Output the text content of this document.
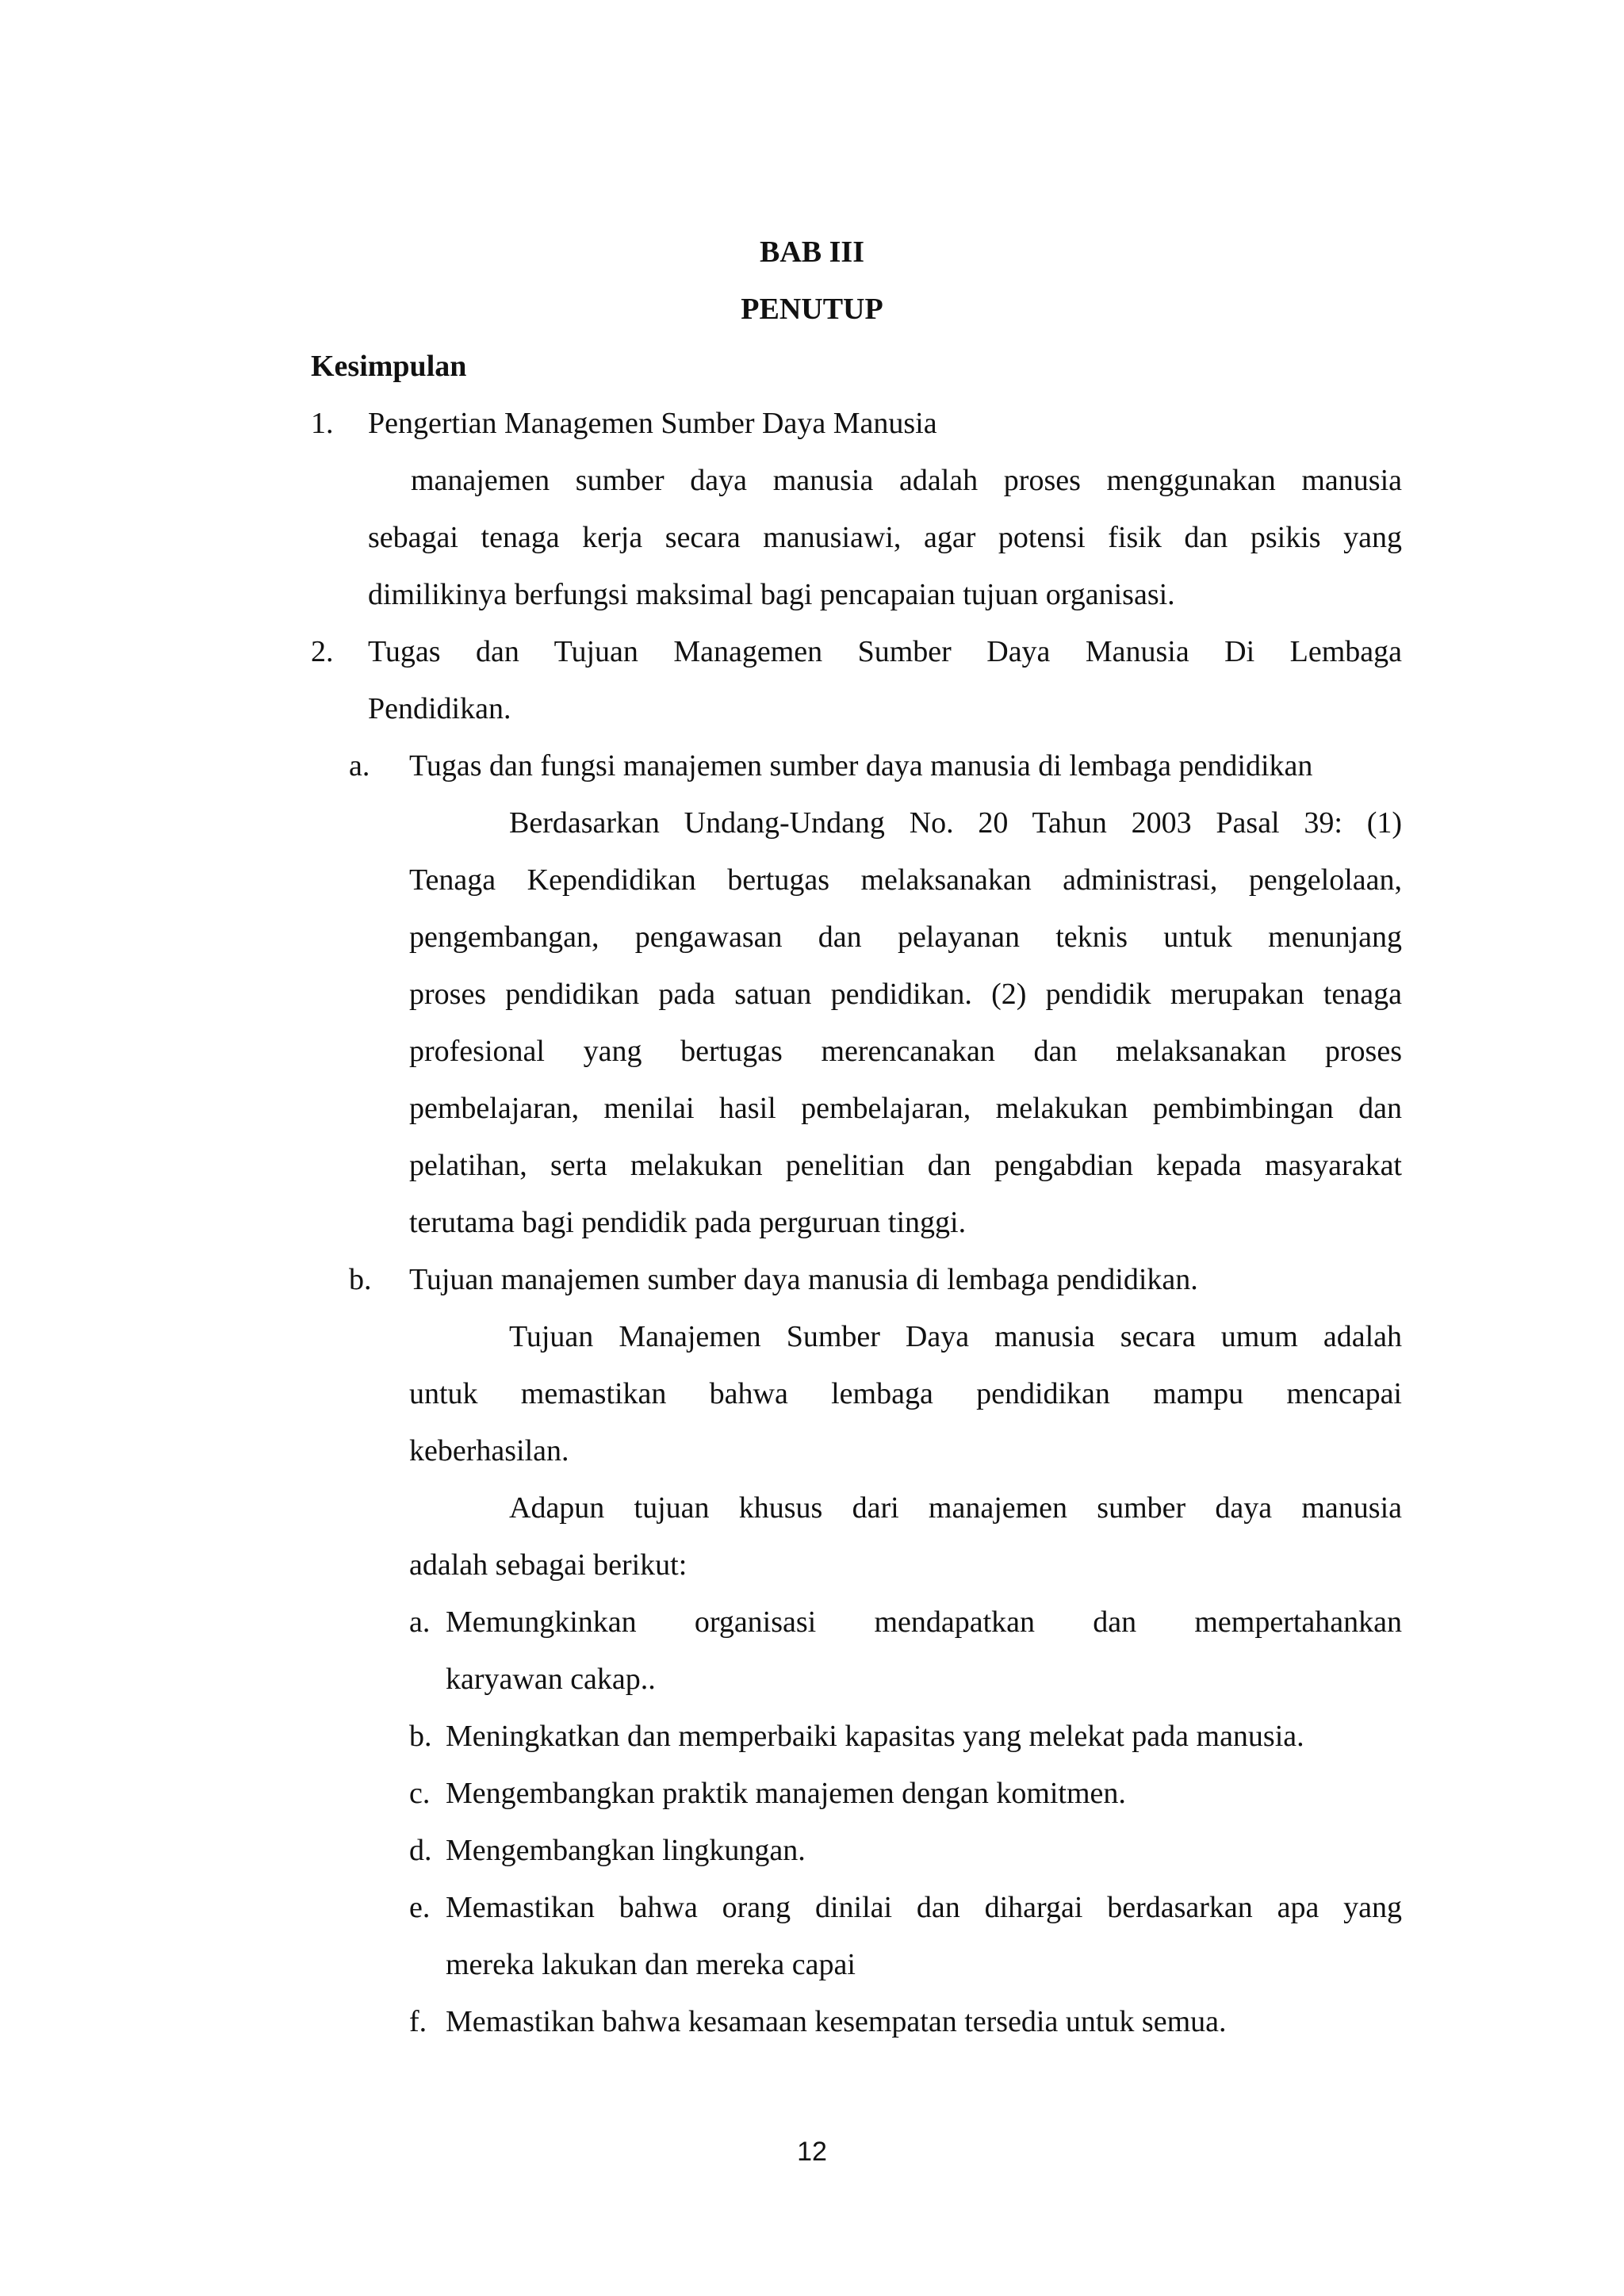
BAB III
PENUTUP
Kesimpulan
1. Pengertian Managemen Sumber Daya Manusia
manajemen sumber daya manusia adalah proses menggunakan manusia
sebagai tenaga kerja secara manusiawi, agar potensi fisik dan psikis yang
dimilikinya berfungsi maksimal bagi pencapaian tujuan organisasi.
2. Tugas dan Tujuan Managemen Sumber Daya Manusia Di Lembaga
Pendidikan.
a. Tugas dan fungsi manajemen sumber daya manusia di lembaga pendidikan
Berdasarkan Undang-Undang No. 20 Tahun 2003 Pasal 39: (1)
Tenaga Kependidikan bertugas melaksanakan administrasi, pengelolaan,
pengembangan, pengawasan dan pelayanan teknis untuk menunjang
proses pendidikan pada satuan pendidikan. (2) pendidik merupakan tenaga
profesional yang bertugas merencanakan dan melaksanakan proses
pembelajaran, menilai hasil pembelajaran, melakukan pembimbingan dan
pelatihan, serta melakukan penelitian dan pengabdian kepada masyarakat
terutama bagi pendidik pada perguruan tinggi.
b. Tujuan manajemen sumber daya manusia di lembaga pendidikan.
Tujuan Manajemen Sumber Daya manusia secara umum adalah
untuk memastikan bahwa lembaga pendidikan mampu mencapai
keberhasilan.
Adapun tujuan khusus dari manajemen sumber daya manusia
adalah sebagai berikut:
a. Memungkinkan organisasi mendapatkan dan mempertahankan
karyawan cakap..
b. Meningkatkan dan memperbaiki kapasitas yang melekat pada manusia.
c. Mengembangkan praktik manajemen dengan komitmen.
d. Mengembangkan lingkungan.
e. Memastikan bahwa orang dinilai dan dihargai berdasarkan apa yang
mereka lakukan dan mereka capai
f. Memastikan bahwa kesamaan kesempatan tersedia untuk semua.
12
